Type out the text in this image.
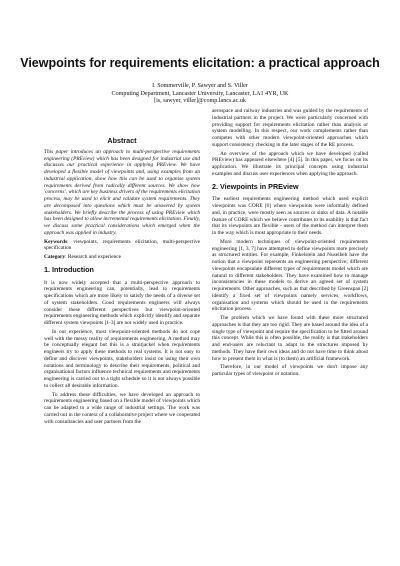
Viewpoints for requirements elicitation: a practical approach
I. Sommerville, P. Sawyer and S. Viller
Computing Department, Lancaster University, Lancaster, LA1 4YR, UK
[is, sawyer, viller]@comp.lancs.ac.uk
Abstract

This paper introduces an approach to multi-perspective requirements engineering (PREview) which has been designed for industrial use and discusses our practical experience in applying PREview. We have developed a flexible model of viewpoints and, using examples from an industrial application, show how this can be used to organise system requirements derived from radically different sources. We show how 'concerns', which are key business drivers of the requirements elicitation process, may be used to elicit and validate system requirements. They are decomposed into questions which must be answered by system stakeholders. We briefly describe the process of using PREview which has been designed to allow incremental requirements elicitation. Finally, we discuss some practical considerations which emerged when the approach was applied in industry.

Keywords: viewpoints, requirements elicitation, multi-perspective specification

Category: Research and experience

1. Introduction

It is now widely accepted that a multi-perspective approach to requirements engineering can, potentially, lead to requirements specifications which are more likely to satisfy the needs of a diverse set of system stakeholders. Good requirements engineers will always consider these different perspectives but viewpoint-oriented requirements engineering methods which explicitly identify and separate different system viewpoints [1-3] are not widely used in practice.

In our experience, most viewpoint-oriented methods do not cope well with the messy reality of requirements engineering. A method may be conceptually elegant but this is a straitjacket when requirements engineers try to apply these methods to real systems. It is not easy to define and discover viewpoints, stakeholders insist on using their own notations and terminology to describe their requirements, political and organisational factors influence technical requirements and requirements engineering is carried out to a tight schedule so it is not always possible to collect all desirable information.

To address these difficulties, we have developed an approach to requirements engineering based on a flexible model of viewpoints which can be adapted to a wide range of industrial settings. The work was carried out in the context of a collaborative project where we cooperated with consultancies and user partners from the

aerospace and railway industries and was guided by the requirements of industrial partners in the project. We were particularly concerned with providing support for requirements elicitation rather than analysis or system modelling. In this respect, our work complements rather than competes with other modern viewpoint-oriented approaches which support consistency checking in the later stages of the RE process.

An overview of the approach which we have developed (called PREview) has appeared elsewhere [4] [5]. In this paper, we focus on its application. We illustrate its principal concepts using industrial examples and discuss user experiences when applying the approach.

2. Viewpoints in PREview

The earliest requirements engineering method which used explicit viewpoints was CORE [6] where viewpoints were informally defined and, in practice, were mostly seen as sources or sinks of data. A notable feature of CORE which we believe contributes to its usability is that fact that its viewpoints are flexible - users of the method can interpret them in the way which is most appropriate to their needs.

More modern techniques of viewpoint-oriented requirements engineering [1, 3, 7] have attempted to define viewpoints more precisely as structured entities. For example, Finkelstein and Nuseibeh have the notion that a viewpoint represents an engineering perspective; different viewpoints encapsulate different types of requirements model which are natural to different stakeholders. They have examined how to manage inconsistencies in these models to derive an agreed set of system requirements. Other approaches, such as that described by Greenspan [2] identify a fixed set of viewpoints namely services, workflows, organisation and systems which should be used in the requirements elicitation process.

The problem which we have found with these more structured approaches is that they are too rigid. They are based around the idea of a single type of viewpoint and require the specification to be fitted around this concept. While this is often possible, the reality is that stakeholders and end-users are reluctant to adapt to the structures imposed by methods. They have their own ideas and do not have time to think about how to present them in what is (to them) an artificial framework.

Therefore, in our model of viewpoints we don't impose any particular types of viewpoint or notation.
